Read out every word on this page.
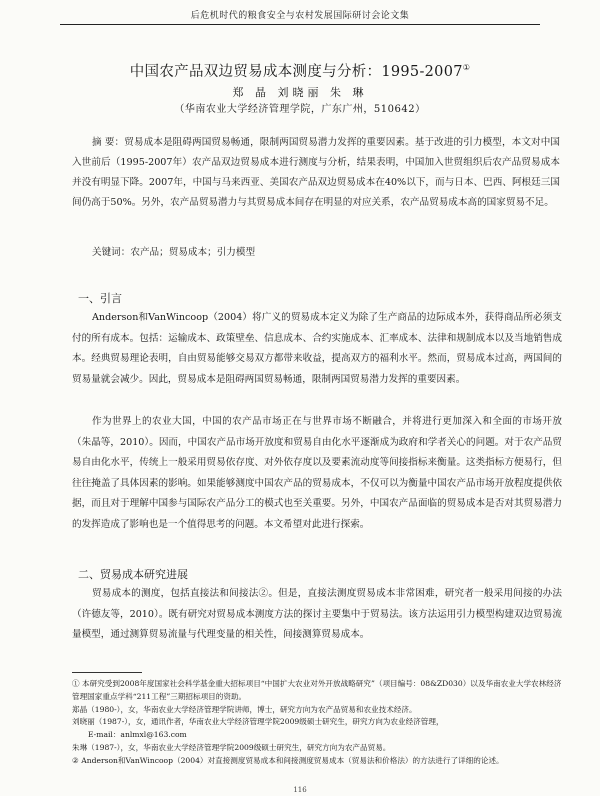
后危机时代的粮食安全与农村发展国际研讨会论文集
中国农产品双边贸易成本测度与分析：1995-2007①
郑 晶 刘晓丽 朱 琳
（华南农业大学经济管理学院，广东广州，510642）
摘 要：贸易成本是阻碍两国贸易畅通，限制两国贸易潜力发挥的重要因素。基于改进的引力模型，本文对中国入世前后（1995-2007年）农产品双边贸易成本进行测度与分析，结果表明，中国加入世贸组织后农产品贸易成本并没有明显下降。2007年，中国与马来西亚、美国农产品双边贸易成本在40%以下，而与日本、巴西、阿根廷三国间仍高于50%。另外，农产品贸易潜力与其贸易成本间存在明显的对应关系，农产品贸易成本高的国家贸易不足。
关键词：农产品；贸易成本；引力模型
一、引言
Anderson和VanWincoop（2004）将广义的贸易成本定义为除了生产商品的边际成本外，获得商品所必须支付的所有成本。包括：运输成本、政策壁垒、信息成本、合约实施成本、汇率成本、法律和规制成本以及当地销售成本。经典贸易理论表明，自由贸易能够交易双方都带来收益，提高双方的福利水平。然而，贸易成本过高，两国间的贸易量就会减少。因此，贸易成本是阻碍两国贸易畅通，限制两国贸易潜力发挥的重要因素。
作为世界上的农业大国，中国的农产品市场正在与世界市场不断融合，并将进行更加深入和全面的市场开放（朱晶等，2010）。因而，中国农产品市场开放度和贸易自由化水平逐渐成为政府和学者关心的问题。对于农产品贸易自由化水平，传统上一般采用贸易依存度、对外依存度以及要素流动度等间接指标来衡量。这类指标方便易行，但往往掩盖了具体因素的影响。如果能够测度中国农产品的贸易成本，不仅可以为衡量中国农产品市场开放程度提供依据，而且对于理解中国参与国际农产品分工的模式也至关重要。另外，中国农产品面临的贸易成本是否对其贸易潜力的发挥造成了影响也是一个值得思考的问题。本文希望对此进行探索。
二、贸易成本研究进展
贸易成本的测度，包括直接法和间接法②。但是，直接法测度贸易成本非常困难，研究者一般采用间接的办法（许德友等，2010）。既有研究对贸易成本测度方法的探讨主要集中于贸易法。该方法运用引力模型构建双边贸易流量模型，通过测算贸易流量与代理变量的相关性，间接测算贸易成本。
① 本研究受到2008年度国家社会科学基金重大招标项目“中国扩大农业对外开放战略研究”（项目编号：08&ZD030）以及华南农业大学农林经济管理国家重点学科“211工程”三期招标项目的资助。
郑晶（1980-），女，华南农业大学经济管理学院讲师，博士，研究方向为农产品贸易和农业技术经济。
刘晓丽（1987-），女，通讯作者，华南农业大学经济管理学院2009级硕士研究生，研究方向为农业经济管理，
E-mail：anlmxl@163.com
朱琳（1987-），女，华南农业大学经济管理学院2009级硕士研究生，研究方向为农产品贸易。
② Anderson和VanWincoop（2004）对直接测度贸易成本和间接测度贸易成本（贸易法和价格法）的方法进行了详细的论述。
116
